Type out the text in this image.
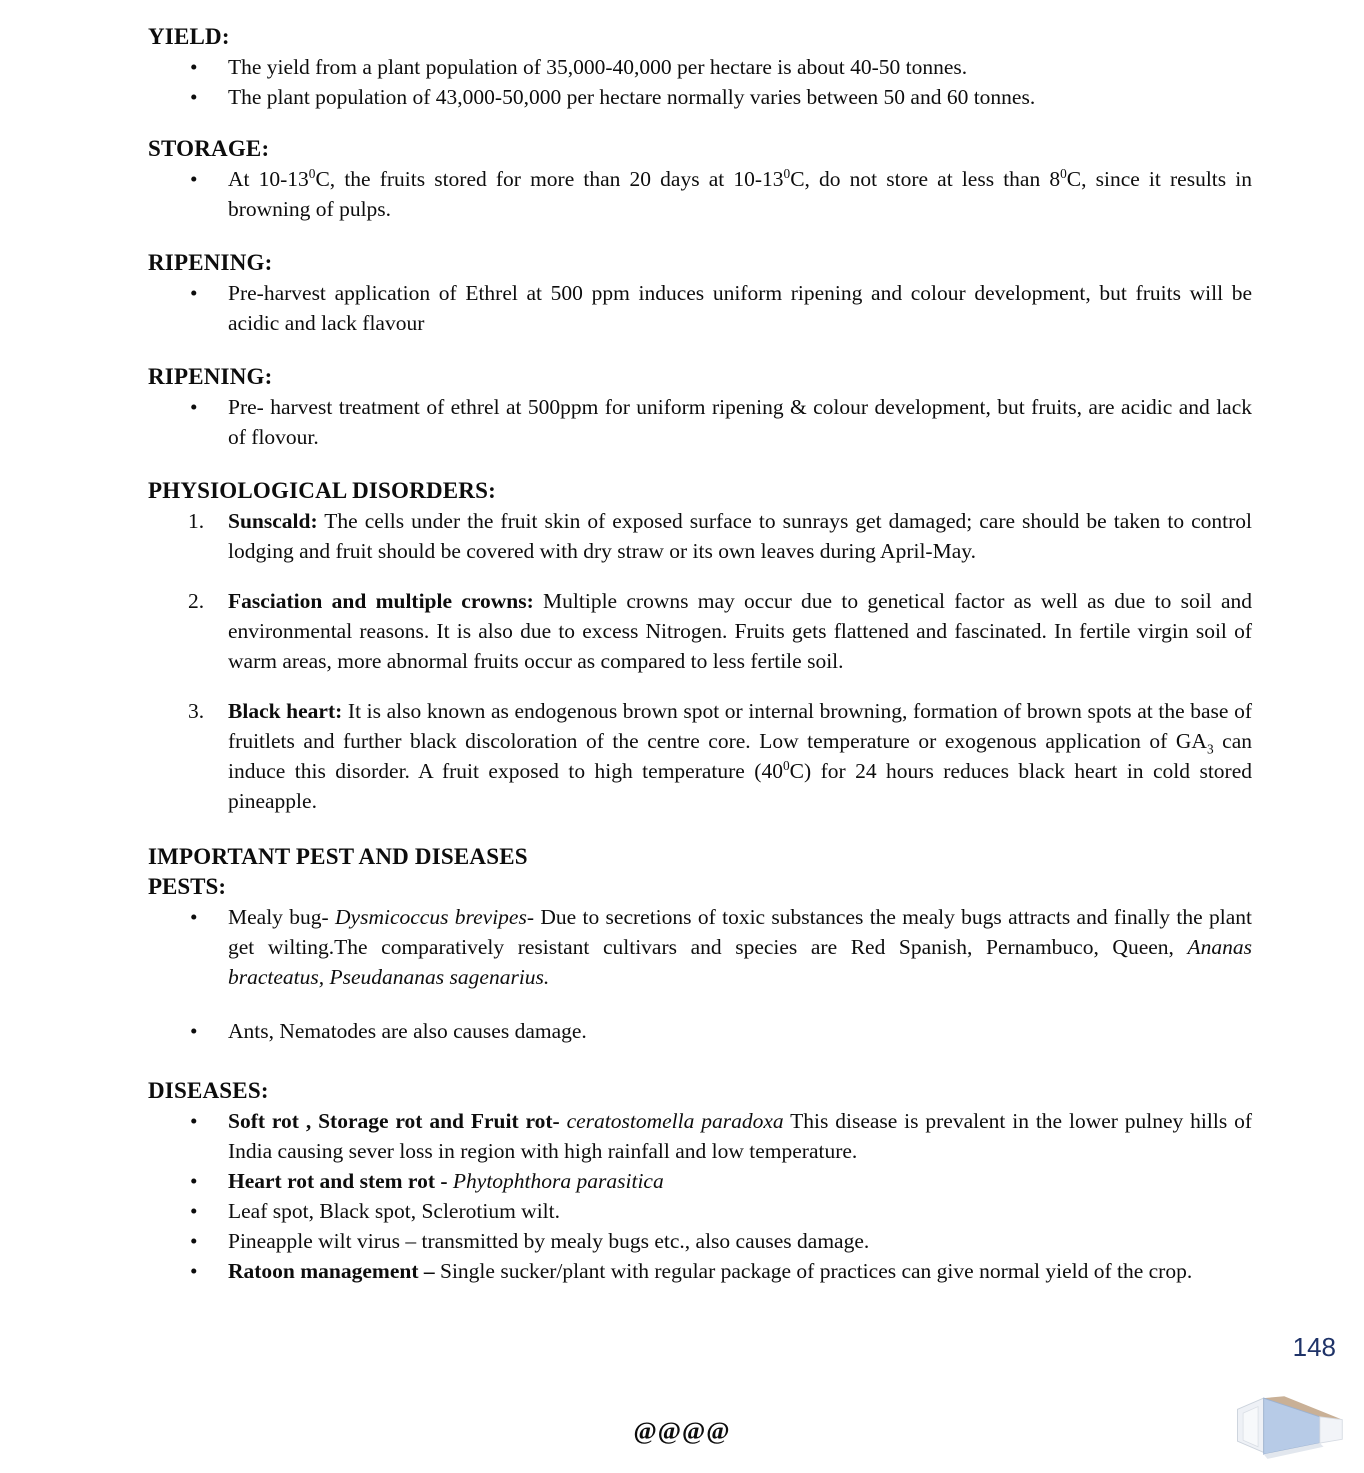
YIELD:
•	The yield from a plant population of 35,000-40,000 per hectare is about 40-50 tonnes.
•	The plant population of 43,000-50,000 per hectare normally varies between 50 and 60 tonnes.
STORAGE:
•	At $10-13^0C$, the fruits stored for more than 20 days at $10-13^0C$, do not store at less than $8^0C$, since it results in browning of pulps.
RIPENING:
•	Pre-harvest application of Ethrel at 500 ppm induces uniform ripening and colour development, but fruits will be acidic and lack flavour
RIPENING:
•	Pre- harvest treatment of ethrel at 500ppm for uniform ripening & colour development, but fruits, are acidic and lack of flovour.
PHYSIOLOGICAL DISORDERS:
1.	Sunscald: The cells under the fruit skin of exposed surface to sunrays get damaged; care should be taken to control lodging and fruit should be covered with dry straw or its own leaves during April-May.
2.	Fasciation and multiple crowns: Multiple crowns may occur due to genetical factor as well as due to soil and environmental reasons. It is also due to excess Nitrogen. Fruits gets flattened and fascinated. In fertile virgin soil of warm areas, more abnormal fruits occur as compared to less fertile soil.
3.	Black heart: It is also known as endogenous brown spot or internal browning, formation of brown spots at the base of fruitlets and further black discoloration of the centre core. Low temperature or exogenous application of $GA_3$ can induce this disorder. A fruit exposed to high temperature $(40^0C)$ for 24 hours reduces black heart in cold stored pineapple.
IMPORTANT PEST AND DISEASES
PESTS:
•	Mealy bug- Dysmicoccus brevipes- Due to secretions of toxic substances the mealy bugs attracts and finally the plant get wilting.The comparatively resistant cultivars and species are Red Spanish, Pernambuco, Queen, Ananas bracteatus, Pseudananas sagenarius.
•	Ants, Nematodes are also causes damage.
DISEASES:
•	Soft rot , Storage rot and Fruit rot- ceratostomella paradoxa This disease is prevalent in the lower pulney hills of India causing sever loss in region with high rainfall and low temperature.
•	Heart rot and stem rot - Phytophthora parasitica
•	Leaf spot, Black spot, Sclerotium wilt.
•	Pineapple wilt virus – transmitted by mealy bugs etc., also causes damage.
•	Ratoon management – Single sucker/plant with regular package of practices can give normal yield of the crop.
148
@@@@
